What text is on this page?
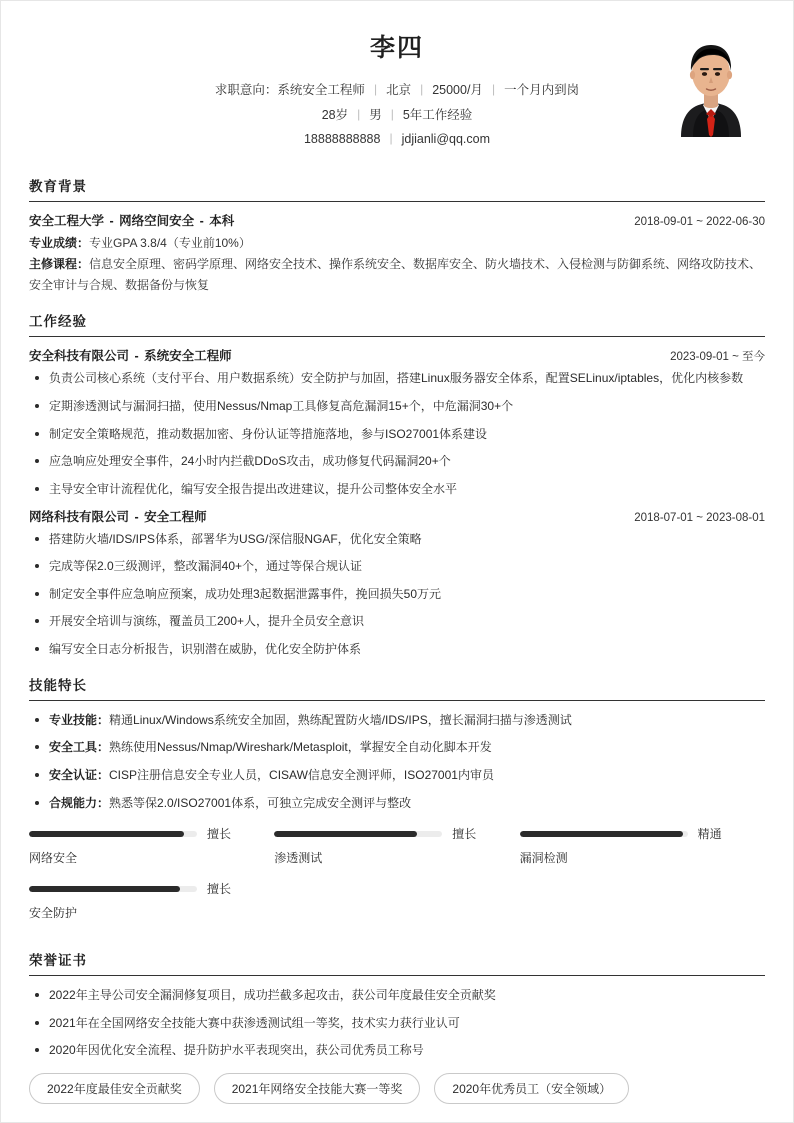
李四
求职意向：系统安全工程师 | 北京 | 25000/月 | 一个月内到岗
28岁 | 男 | 5年工作经验
18888888888 | jdjianli@qq.com
教育背景
安全工程大学 - 网络空间安全 - 本科	2018-09-01 ~ 2022-06-30
专业成绩：专业GPA 3.8/4（专业前10%）
主修课程：信息安全原理、密码学原理、网络安全技术、操作系统安全、数据库安全、防火墙技术、入侵检测与防御系统、网络攻防技术、安全审计与合规、数据备份与恢复
工作经验
安全科技有限公司 - 系统安全工程师	2023-09-01 ~ 至今
负责公司核心系统（支付平台、用户数据系统）安全防护与加固，搭建Linux服务器安全体系，配置SELinux/iptables，优化内核参数
定期渗透测试与漏洞扫描，使用Nessus/Nmap工具修复高危漏洞15+个，中危漏洞30+个
制定安全策略规范，推动数据加密、身份认证等措施落地，参与ISO27001体系建设
应急响应处理安全事件，24小时内拦截DDoS攻击，成功修复代码漏洞20+个
主导安全审计流程优化，编写安全报告提出改进建议，提升公司整体安全水平
网络科技有限公司 - 安全工程师	2018-07-01 ~ 2023-08-01
搭建防火墙/IDS/IPS体系，部署华为USG/深信服NGAF，优化安全策略
完成等保2.0三级测评，整改漏洞40+个，通过等保合规认证
制定安全事件应急响应预案，成功处理3起数据泄露事件，挽回损失50万元
开展安全培训与演练，覆盖员工200+人，提升全员安全意识
编写安全日志分析报告，识别潜在威胁，优化安全防护体系
技能特长
专业技能：精通Linux/Windows系统安全加固，熟练配置防火墙/IDS/IPS，擅长漏洞扫描与渗透测试
安全工具：熟练使用Nessus/Nmap/Wireshark/Metasploit，掌握安全自动化脚本开发
安全认证：CISP注册信息安全专业人员，CISAW信息安全测评师，ISO27001内审员
合规能力：熟悉等保2.0/ISO27001体系，可独立完成安全测评与整改
擅长
网络安全
擅长
渗透测试
精通
漏洞检测
擅长
安全防护
荣誉证书
2022年主导公司安全漏洞修复项目，成功拦截多起攻击，获公司年度最佳安全贡献奖
2021年在全国网络安全技能大赛中获渗透测试组一等奖，技术实力获行业认可
2020年因优化安全流程、提升防护水平表现突出，获公司优秀员工称号
2022年度最佳安全贡献奖	2021年网络安全技能大赛一等奖	2020年优秀员工（安全领域）
